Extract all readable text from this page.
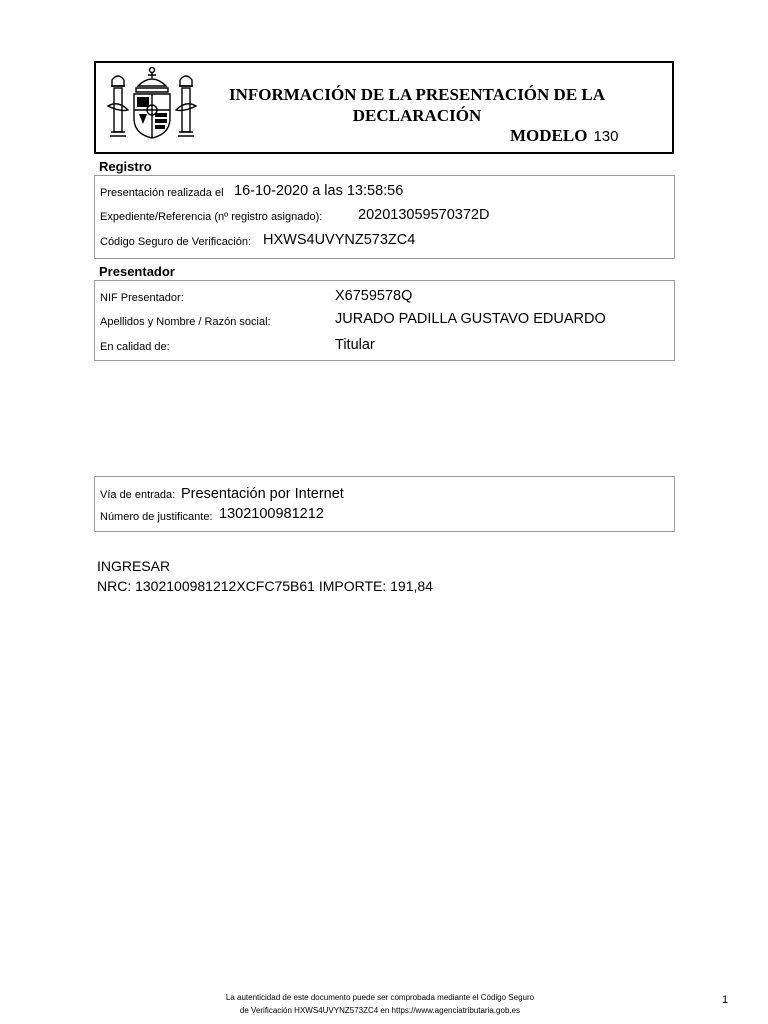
INFORMACIÓN DE LA PRESENTACIÓN DE LA
DECLARACIÓN
MODELO 130
Registro
Presentación realizada el 16-10-2020 a las 13:58:56
Expediente/Referencia (nº registro asignado): 202013059570372D
Código Seguro de Verificación: HXWS4UVYNZ573ZC4
Presentador
NIF Presentador:	X6759578Q
Apellidos y Nombre / Razón social:	JURADO PADILLA GUSTAVO EDUARDO
En calidad de:	Titular
Vía de entrada: Presentación por Internet
Número de justificante: 1302100981212
INGRESAR
NRC: 1302100981212XCFC75B61 IMPORTE: 191,84
La autenticidad de este documento puede ser comprobada mediante el Código Seguro
de Verificación HXWS4UVYNZ573ZC4 en https://www.agenciatributaria.gob.es
1
